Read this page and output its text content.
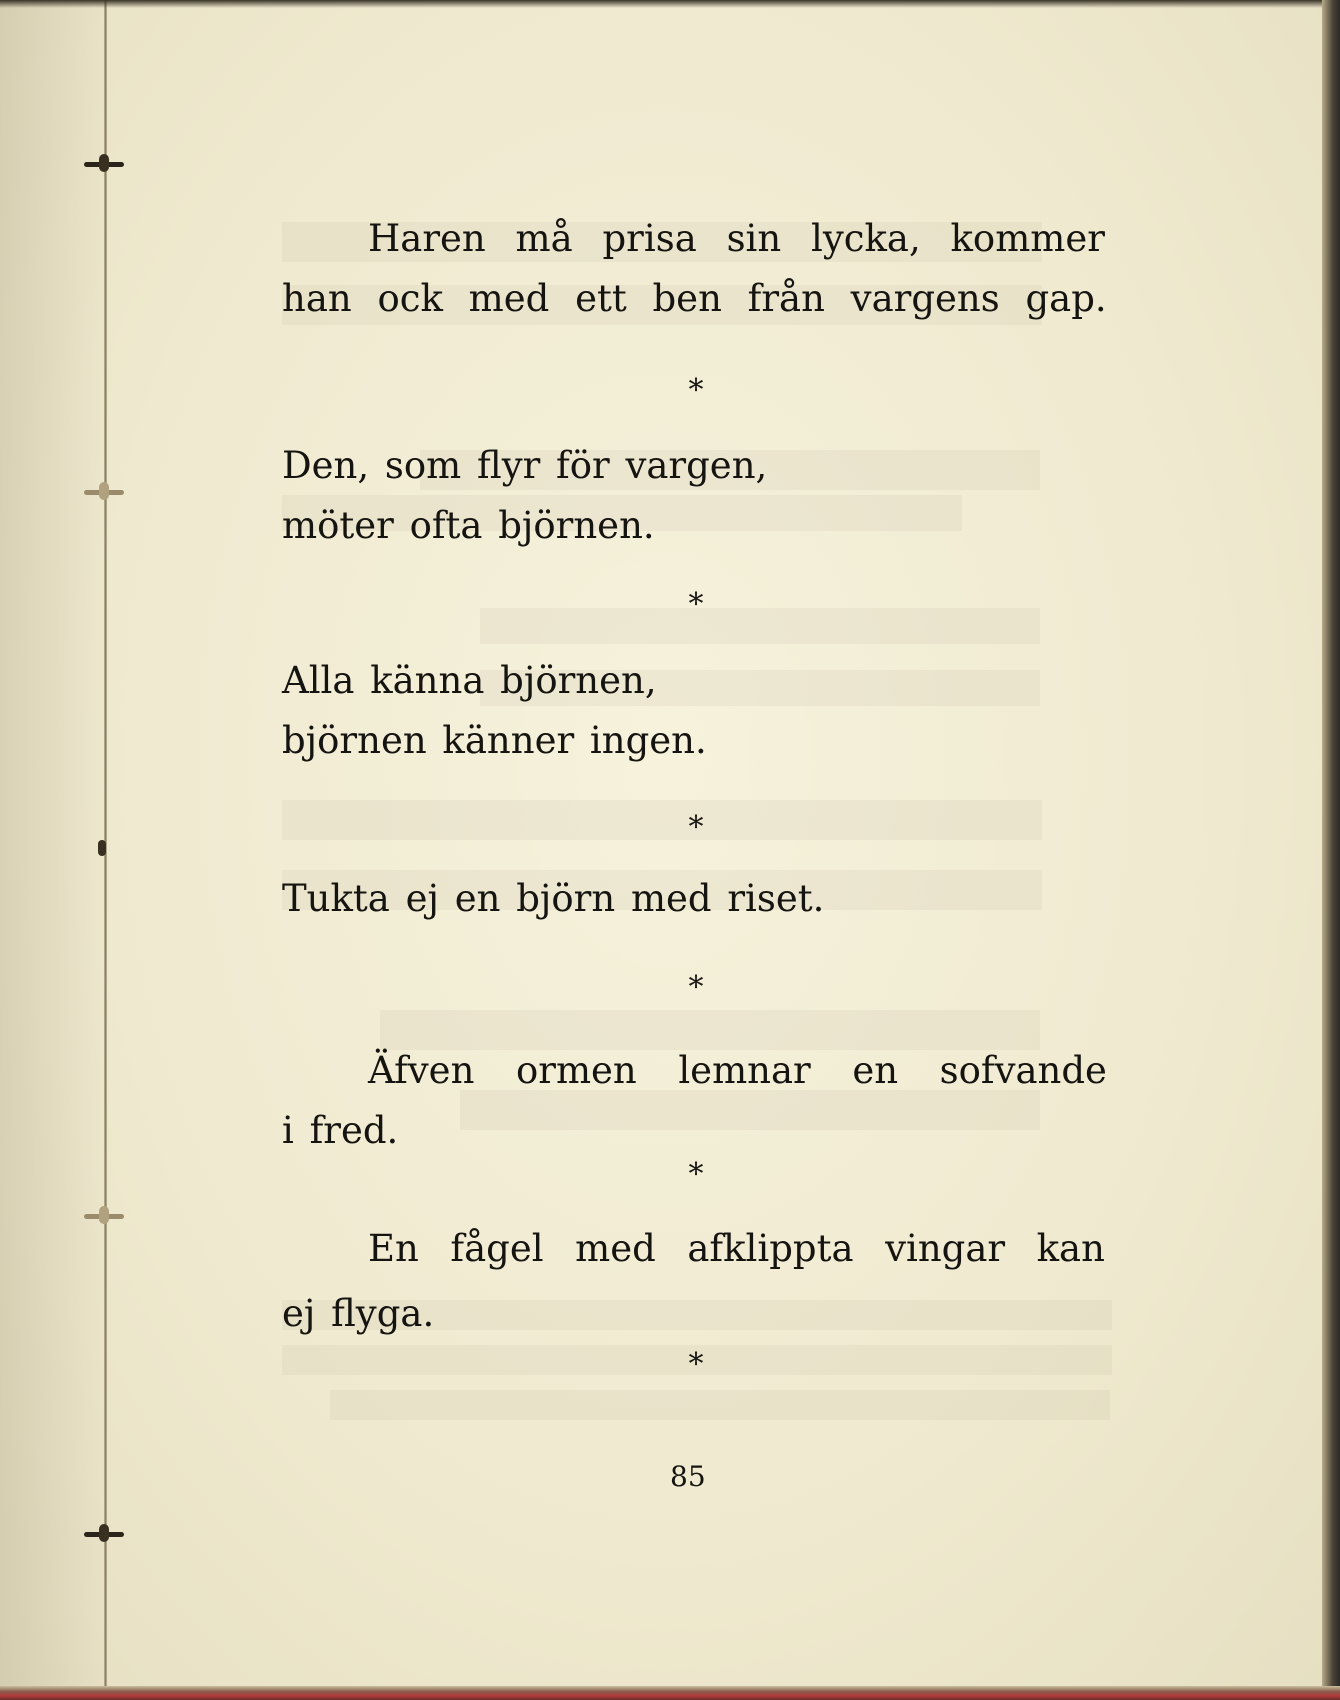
Haren må prisa sin lycka, kommer
han ock med ett ben från vargens gap.
*
Den, som flyr för vargen,
möter ofta björnen.
*
Alla känna björnen,
björnen känner ingen.
*
Tukta ej en björn med riset.
*
Äfven ormen lemnar en sofvande
i fred.
*
En fågel med afklippta vingar kan
ej flyga.
*
85
